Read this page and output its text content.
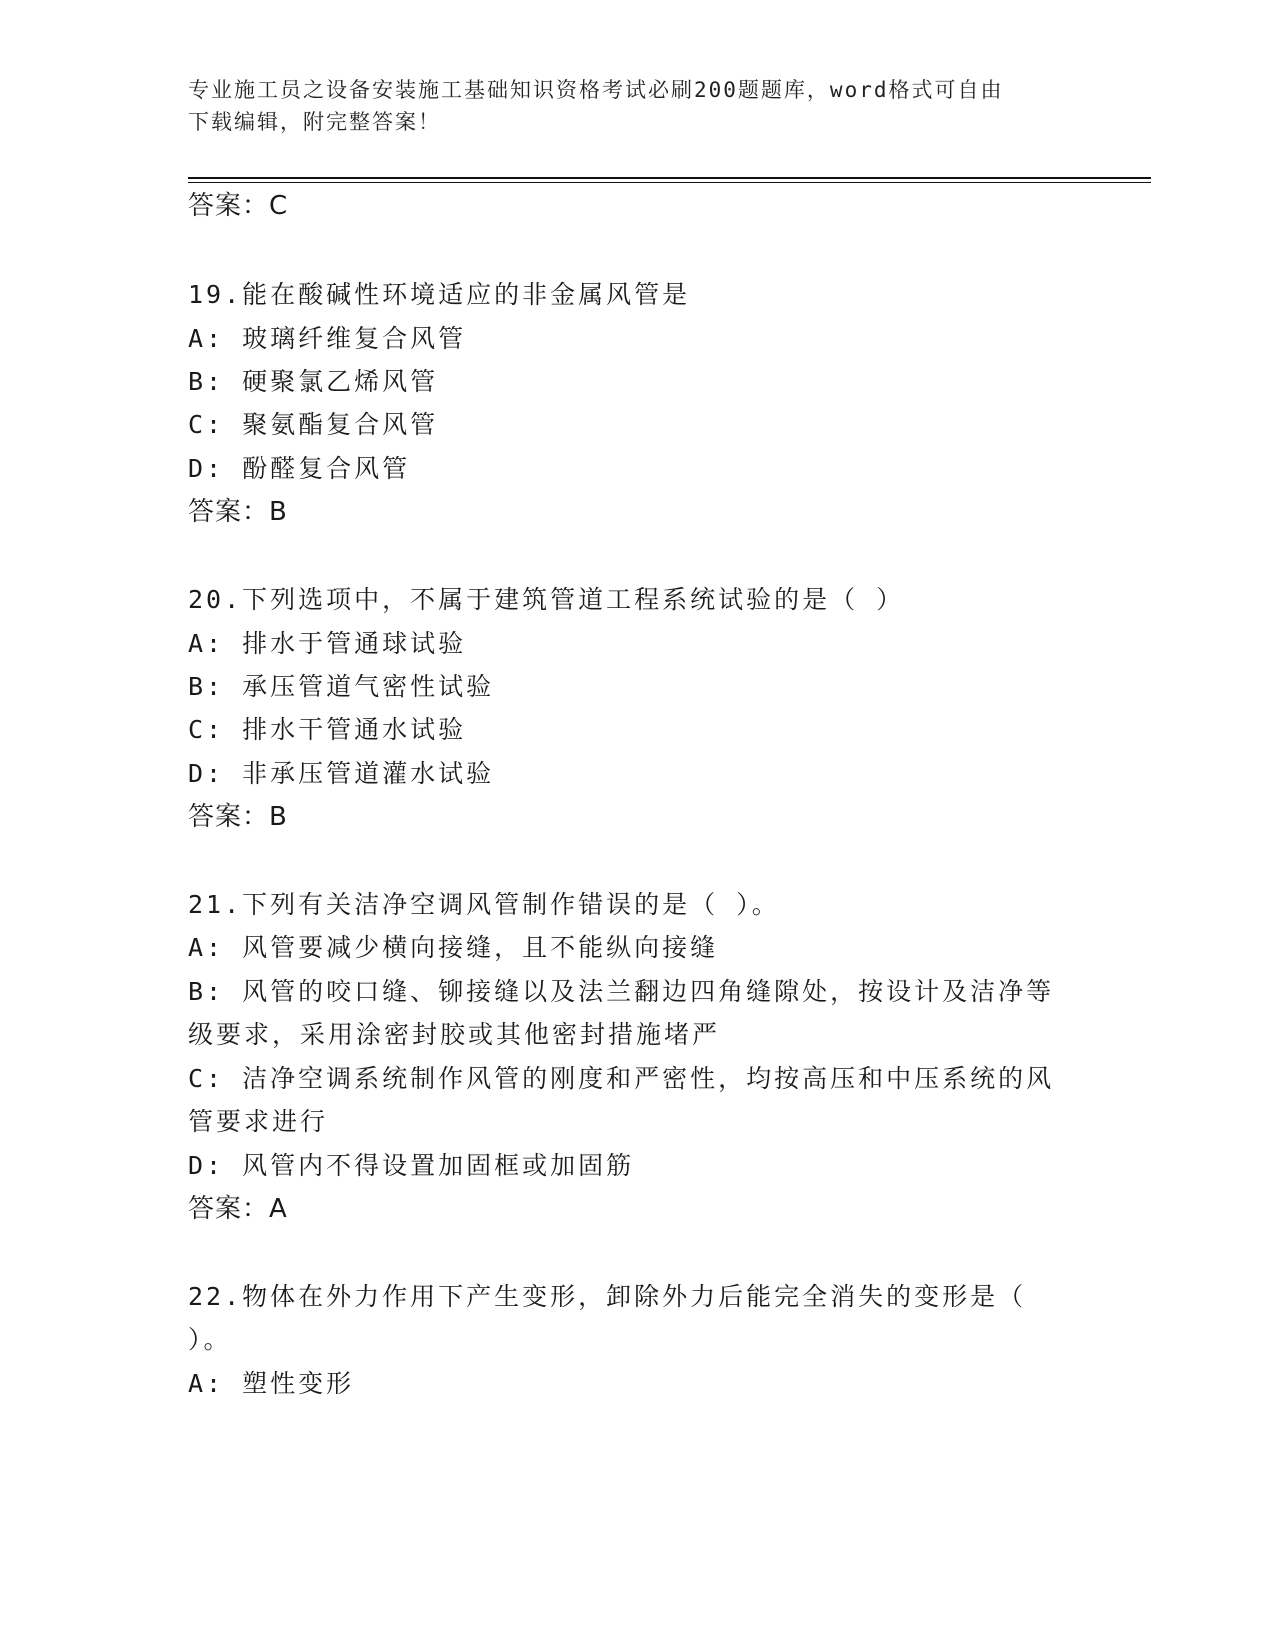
专业施工员之设备安装施工基础知识资格考试必刷200题题库，word格式可自由
下载编辑，附完整答案！
答案：C
19.能在酸碱性环境适应的非金属风管是
A: 玻璃纤维复合风管
B: 硬聚氯乙烯风管
C: 聚氨酯复合风管
D: 酚醛复合风管
答案：B
20.下列选项中，不属于建筑管道工程系统试验的是（ ）
A: 排水于管通球试验
B: 承压管道气密性试验
C: 排水干管通水试验
D: 非承压管道灌水试验
答案：B
21.下列有关洁净空调风管制作错误的是（ ）。
A: 风管要减少横向接缝，且不能纵向接缝
B: 风管的咬口缝、铆接缝以及法兰翻边四角缝隙处，按设计及洁净等
级要求，采用涂密封胶或其他密封措施堵严
C: 洁净空调系统制作风管的刚度和严密性，均按高压和中压系统的风
管要求进行
D: 风管内不得设置加固框或加固筋
答案：A
22.物体在外力作用下产生变形，卸除外力后能完全消失的变形是（
）。
A: 塑性变形
